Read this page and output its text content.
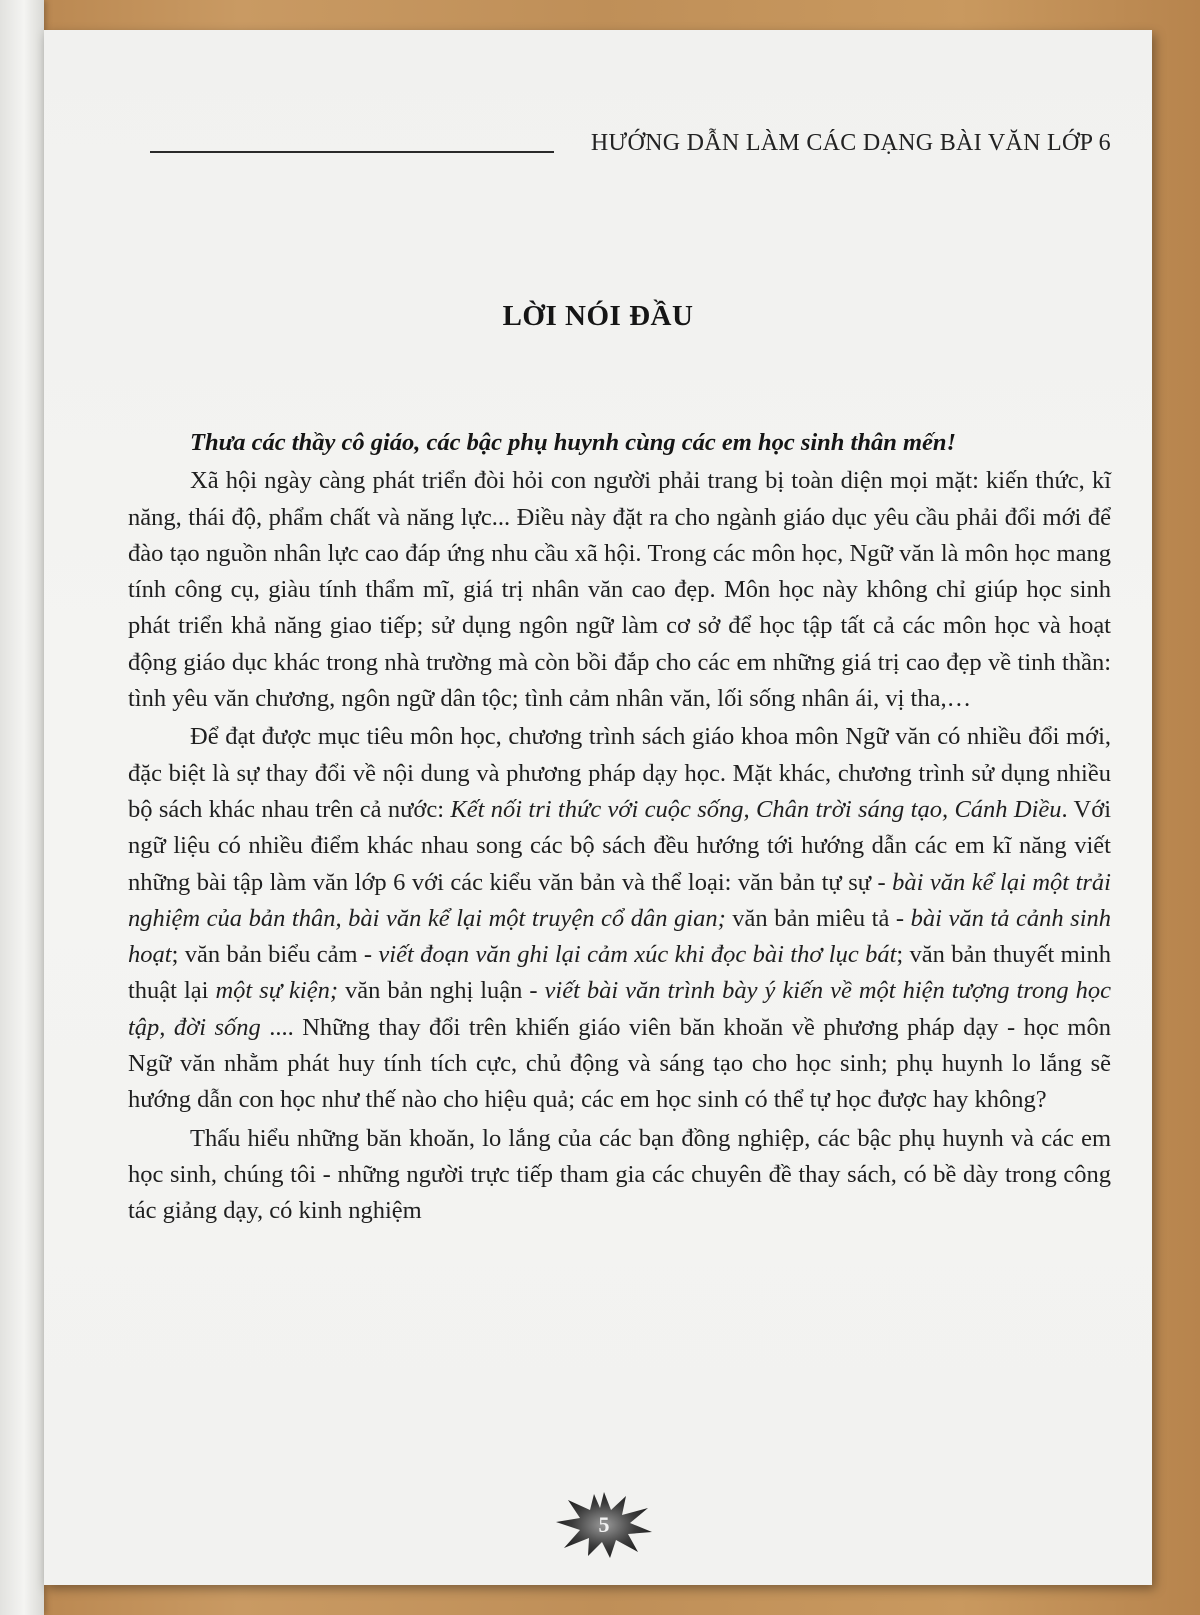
HƯỚNG DẪN LÀM CÁC DẠNG BÀI VĂN LỚP 6
LỜI NÓI ĐẦU

Thưa các thầy cô giáo, các bậc phụ huynh cùng các em học sinh thân mến!

Xã hội ngày càng phát triển đòi hỏi con người phải trang bị toàn diện mọi mặt: kiến thức, kĩ năng, thái độ, phẩm chất và năng lực... Điều này đặt ra cho ngành giáo dục yêu cầu phải đổi mới để đào tạo nguồn nhân lực cao đáp ứng nhu cầu xã hội. Trong các môn học, Ngữ văn là môn học mang tính công cụ, giàu tính thẩm mĩ, giá trị nhân văn cao đẹp. Môn học này không chỉ giúp học sinh phát triển khả năng giao tiếp; sử dụng ngôn ngữ làm cơ sở để học tập tất cả các môn học và hoạt động giáo dục khác trong nhà trường mà còn bồi đắp cho các em những giá trị cao đẹp về tinh thần: tình yêu văn chương, ngôn ngữ dân tộc; tình cảm nhân văn, lối sống nhân ái, vị tha,…

Để đạt được mục tiêu môn học, chương trình sách giáo khoa môn Ngữ văn có nhiều đổi mới, đặc biệt là sự thay đổi về nội dung và phương pháp dạy học. Mặt khác, chương trình sử dụng nhiều bộ sách khác nhau trên cả nước: Kết nối tri thức với cuộc sống, Chân trời sáng tạo, Cánh Diều. Với ngữ liệu có nhiều điểm khác nhau song các bộ sách đều hướng tới hướng dẫn các em kĩ năng viết những bài tập làm văn lớp 6 với các kiểu văn bản và thể loại: văn bản tự sự - bài văn kể lại một trải nghiệm của bản thân, bài văn kể lại một truyện cổ dân gian; văn bản miêu tả - bài văn tả cảnh sinh hoạt; văn bản biểu cảm - viết đoạn văn ghi lại cảm xúc khi đọc bài thơ lục bát; văn bản thuyết minh thuật lại một sự kiện; văn bản nghị luận - viết bài văn trình bày ý kiến về một hiện tượng trong học tập, đời sống .... Những thay đổi trên khiến giáo viên băn khoăn về phương pháp dạy - học môn Ngữ văn nhằm phát huy tính tích cực, chủ động và sáng tạo cho học sinh; phụ huynh lo lắng sẽ hướng dẫn con học như thế nào cho hiệu quả; các em học sinh có thể tự học được hay không?

Thấu hiểu những băn khoăn, lo lắng của các bạn đồng nghiệp, các bậc phụ huynh và các em học sinh, chúng tôi - những người trực tiếp tham gia các chuyên đề thay sách, có bề dày trong công tác giảng dạy, có kinh nghiệm

5
